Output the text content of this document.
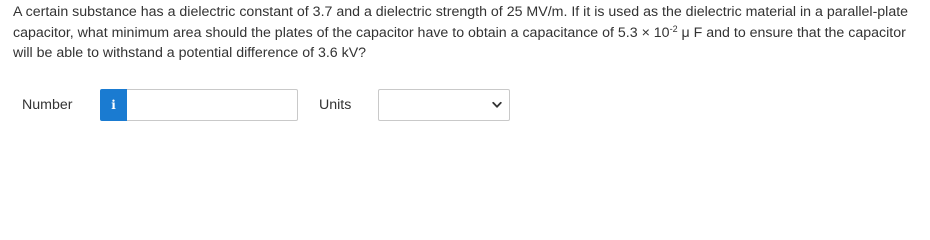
A certain substance has a dielectric constant of 3.7 and a dielectric strength of 25 MV/m. If it is used as the dielectric material in a parallel-plate capacitor, what minimum area should the plates of the capacitor have to obtain a capacitance of $5.3 \times 10^{-2}$ μ F and to ensure that the capacitor will be able to withstand a potential difference of 3.6 kV?

Number	i	Units
